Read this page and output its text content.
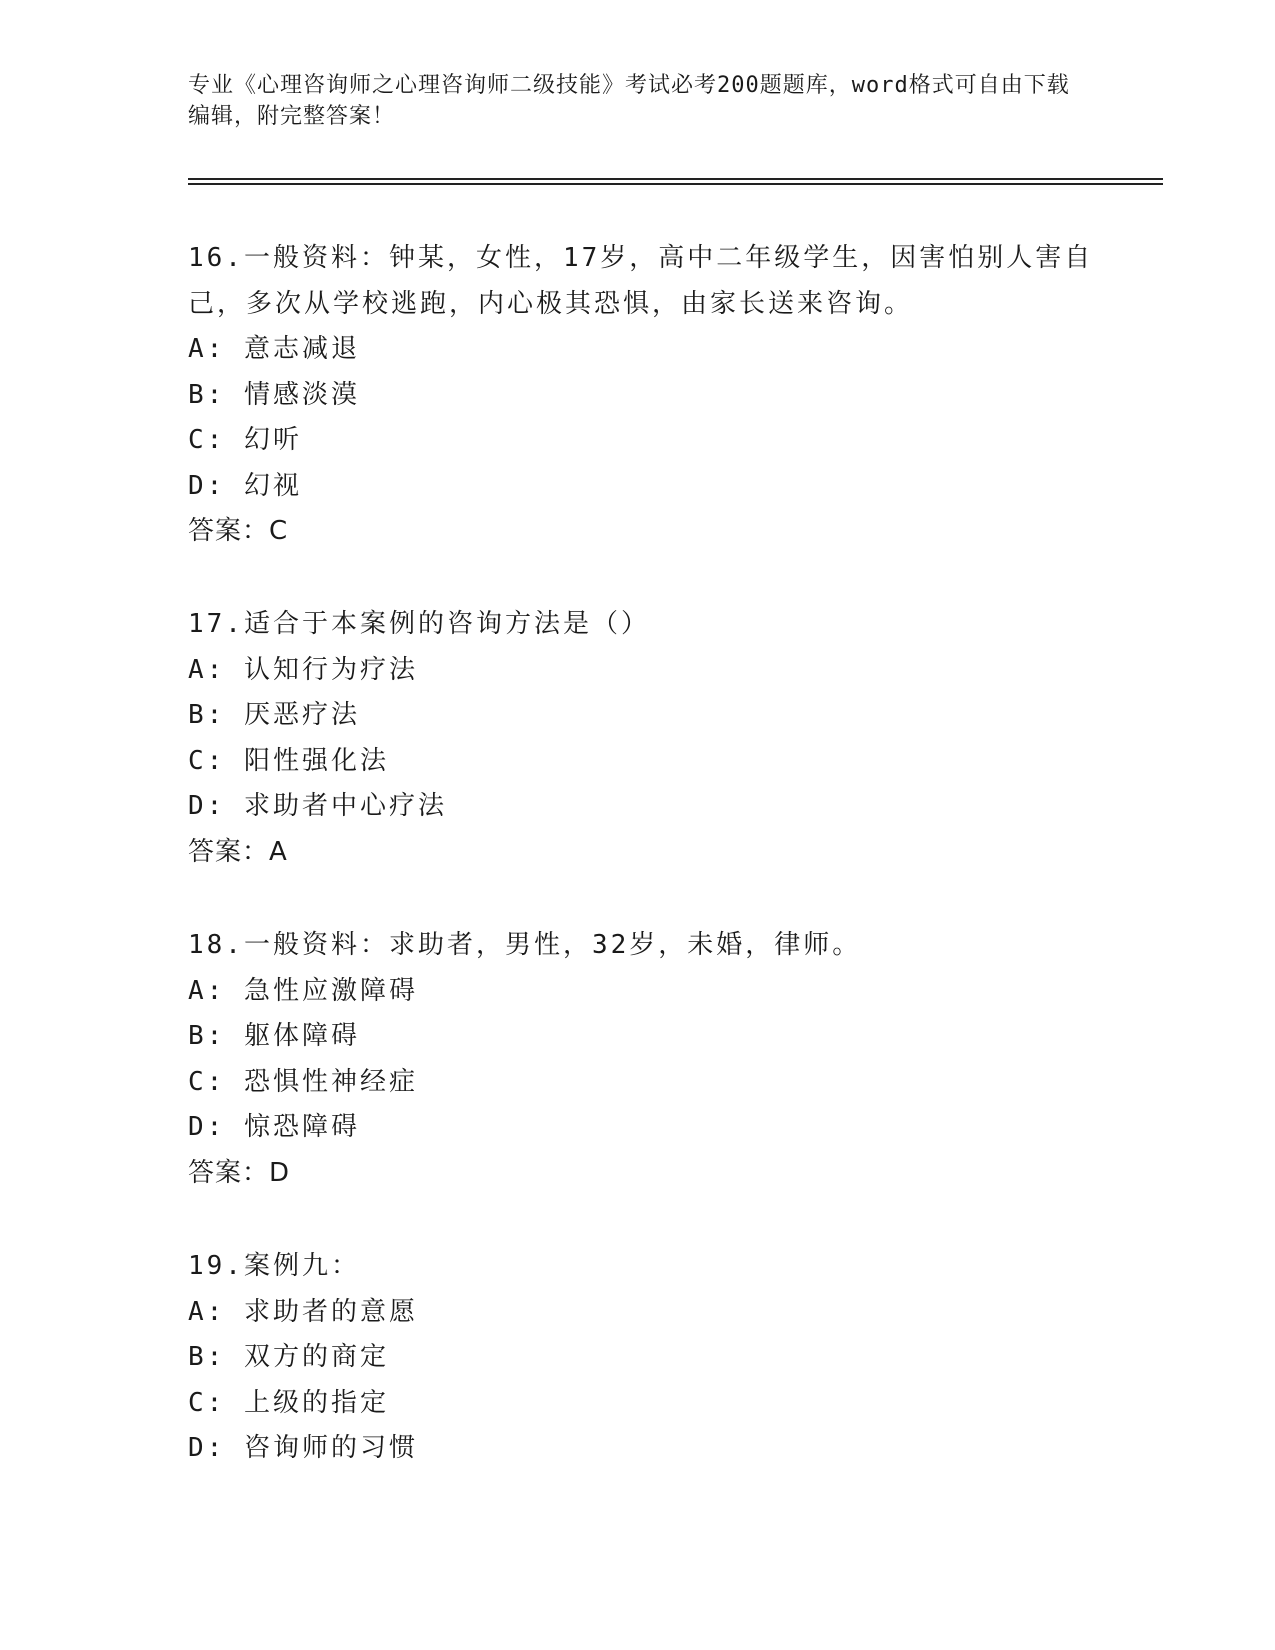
专业《心理咨询师之心理咨询师二级技能》考试必考200题题库，word格式可自由下载编辑，附完整答案！

16.一般资料：钟某，女性，17岁，高中二年级学生，因害怕别人害自己，多次从学校逃跑，内心极其恐惧，由家长送来咨询。

A: 意志减退

B: 情感淡漠

C: 幻听

D: 幻视

答案：C

17.适合于本案例的咨询方法是（）

A: 认知行为疗法

B: 厌恶疗法

C: 阳性强化法

D: 求助者中心疗法

答案：A

18.一般资料：求助者，男性，32岁，未婚，律师。

A: 急性应激障碍

B: 躯体障碍

C: 恐惧性神经症

D: 惊恐障碍

答案：D

19.案例九：

A: 求助者的意愿

B: 双方的商定

C: 上级的指定

D: 咨询师的习惯
